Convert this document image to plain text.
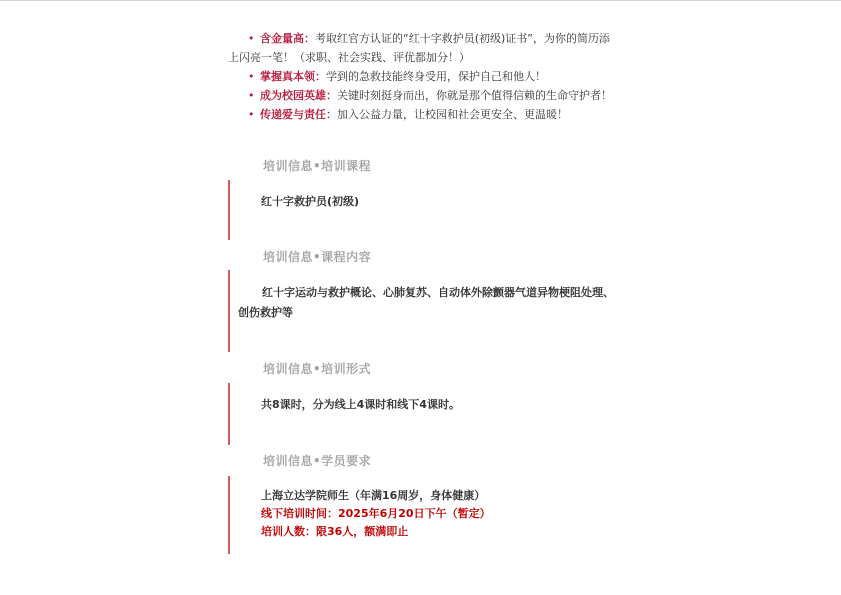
• 含金量高：考取红官方认证的“红十字救护员(初级)证书”，为你的简历添上闪亮一笔！（求职、社会实践、评优都加分！）

• 掌握真本领：学到的急救技能终身受用，保护自己和他人！

• 成为校园英雄：关键时刻挺身而出，你就是那个值得信赖的生命守护者！

• 传递爱与责任：加入公益力量，让校园和社会更安全、更温暖！

培训信息•培训课程

红十字救护员(初级)

培训信息•课程内容

红十字运动与救护概论、心肺复苏、自动体外除颤器气道异物梗阻处理、创伤救护等

培训信息•培训形式

共8课时，分为线上4课时和线下4课时。

培训信息•学员要求

上海立达学院师生（年满16周岁，身体健康）

线下培训时间：2025年6月20日下午（暂定）

培训人数：限36人，额满即止
